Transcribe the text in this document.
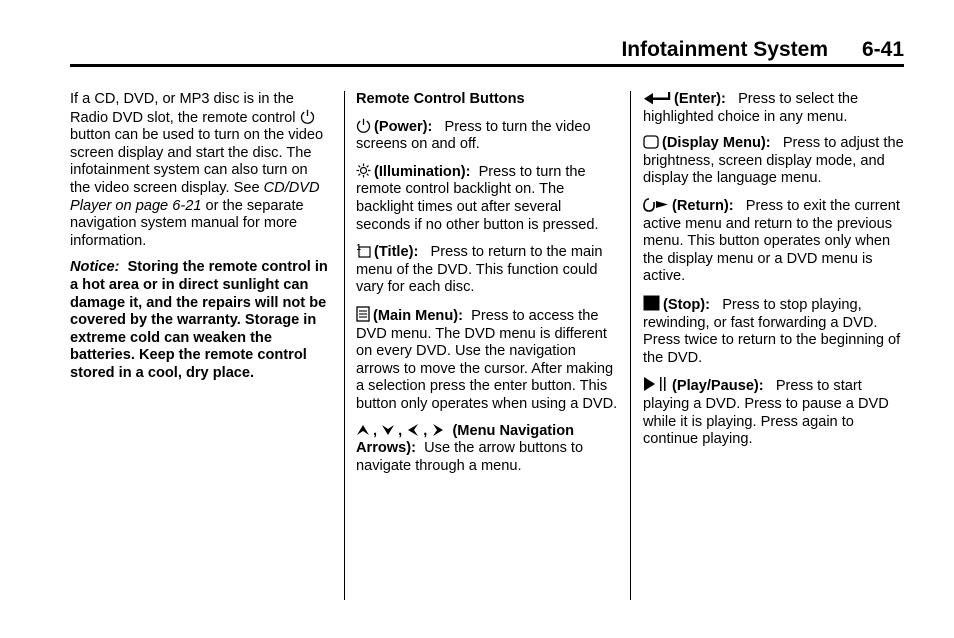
Infotainment System 6-41

If a CD, DVD, or MP3 disc is in the Radio DVD slot, the remote control
button can be used to turn on the video screen display and start the disc. The infotainment system can also turn on the video screen display. See CD/DVD Player on page 6‑21 or the separate navigation system manual for more information.

Notice: Storing the remote control in a hot area or in direct sunlight can damage it, and the repairs will not be covered by the warranty. Storage in extreme cold can weaken the batteries. Keep the remote control stored in a cool, dry place.

Remote Control Buttons

(Power): Press to turn the video screens on and off.

(Illumination): Press to turn the remote control backlight on. The backlight times out after several seconds if no other button is pressed.

1 (Title): Press to return to the main menu of the DVD. This function could vary for each disc.

(Main Menu): Press to access the DVD menu. The DVD menu is different on every DVD. Use the navigation arrows to move the cursor. After making a selection press the enter button. This button only operates when using a DVD.

, , , (Menu Navigation Arrows): Use the arrow buttons to navigate through a menu.

(Enter): Press to select the highlighted choice in any menu.

(Display Menu): Press to adjust the brightness, screen display mode, and display the language menu.

(Return): Press to exit the current active menu and return to the previous menu. This button operates only when the display menu or a DVD menu is active.

(Stop): Press to stop playing, rewinding, or fast forwarding a DVD. Press twice to return to the beginning of the DVD.

(Play/Pause): Press to start playing a DVD. Press to pause a DVD while it is playing. Press again to continue playing.
